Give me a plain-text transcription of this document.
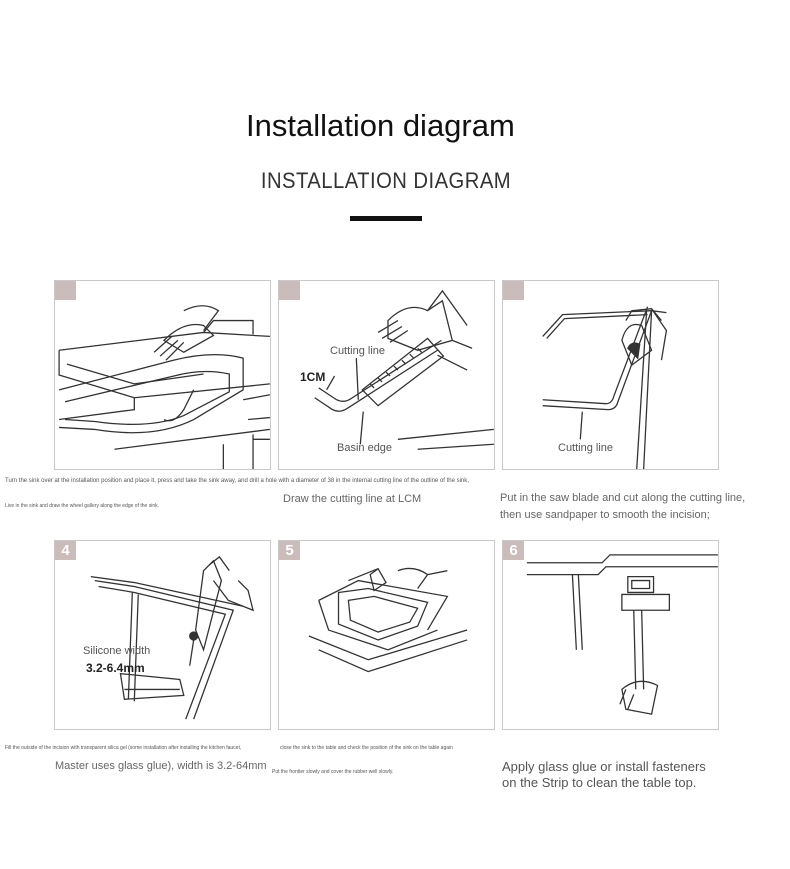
Installation diagram
INSTALLATION DIAGRAM
Cutting line
1CM
Basin edge	Cutting line
Silicone width
3.2-6.4mm
4	5	6
Turn the sink over at the installation position and place it, press and take the sink away, and drill a hole with a diameter of 38 in the internal cutting line of the outline of the sink,
Live in the sink and draw the wheel gallery along the edge of the sink.
Draw the cutting line at LCM	Put in the saw blade and cut along the cutting line,
then use sandpaper to smooth the incision;
Fill the outside of the incision with transparent silica gel (some installation after installing the kitchen faucet,
Master uses glass glue), width is 3.2-64mm
close the sink to the table and check the position of the sink on the table again
Put the frontier slowly and cover the rubber well slowly.	Apply glass glue or install fasteners
on the Strip to clean the table top.
